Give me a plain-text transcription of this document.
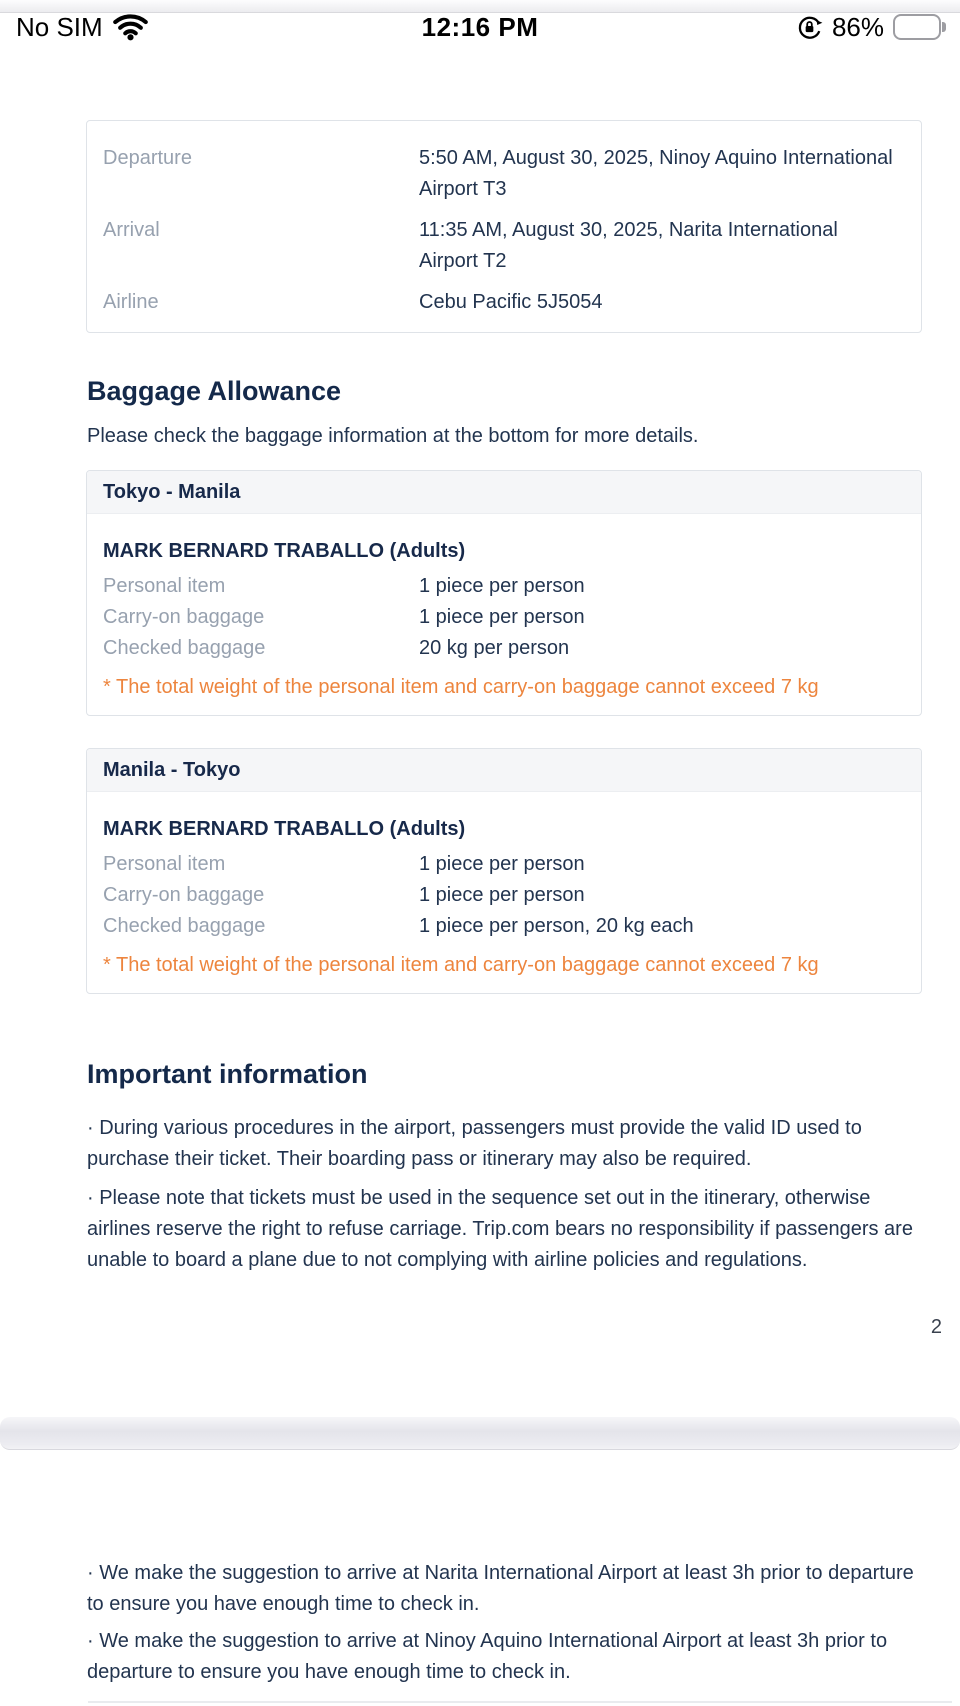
No SIM	12:16 PM	86%
Departure	5:50 AM, August 30, 2025, Ninoy Aquino International Airport T3
Arrival	11:35 AM, August 30, 2025, Narita International Airport T2
Airline	Cebu Pacific 5J5054
Baggage Allowance
Please check the baggage information at the bottom for more details.
Tokyo - Manila
MARK BERNARD TRABALLO (Adults)
Personal item	1 piece per person
Carry-on baggage	1 piece per person
Checked baggage	20 kg per person
* The total weight of the personal item and carry-on baggage cannot exceed 7 kg
Manila - Tokyo
MARK BERNARD TRABALLO (Adults)
Personal item	1 piece per person
Carry-on baggage	1 piece per person
Checked baggage	1 piece per person, 20 kg each
* The total weight of the personal item and carry-on baggage cannot exceed 7 kg
Important information
· During various procedures in the airport, passengers must provide the valid ID used to purchase their ticket. Their boarding pass or itinerary may also be required.
· Please note that tickets must be used in the sequence set out in the itinerary, otherwise airlines reserve the right to refuse carriage. Trip.com bears no responsibility if passengers are unable to board a plane due to not complying with airline policies and regulations.
2
· We make the suggestion to arrive at Narita International Airport at least 3h prior to departure to ensure you have enough time to check in.
· We make the suggestion to arrive at Ninoy Aquino International Airport at least 3h prior to departure to ensure you have enough time to check in.
